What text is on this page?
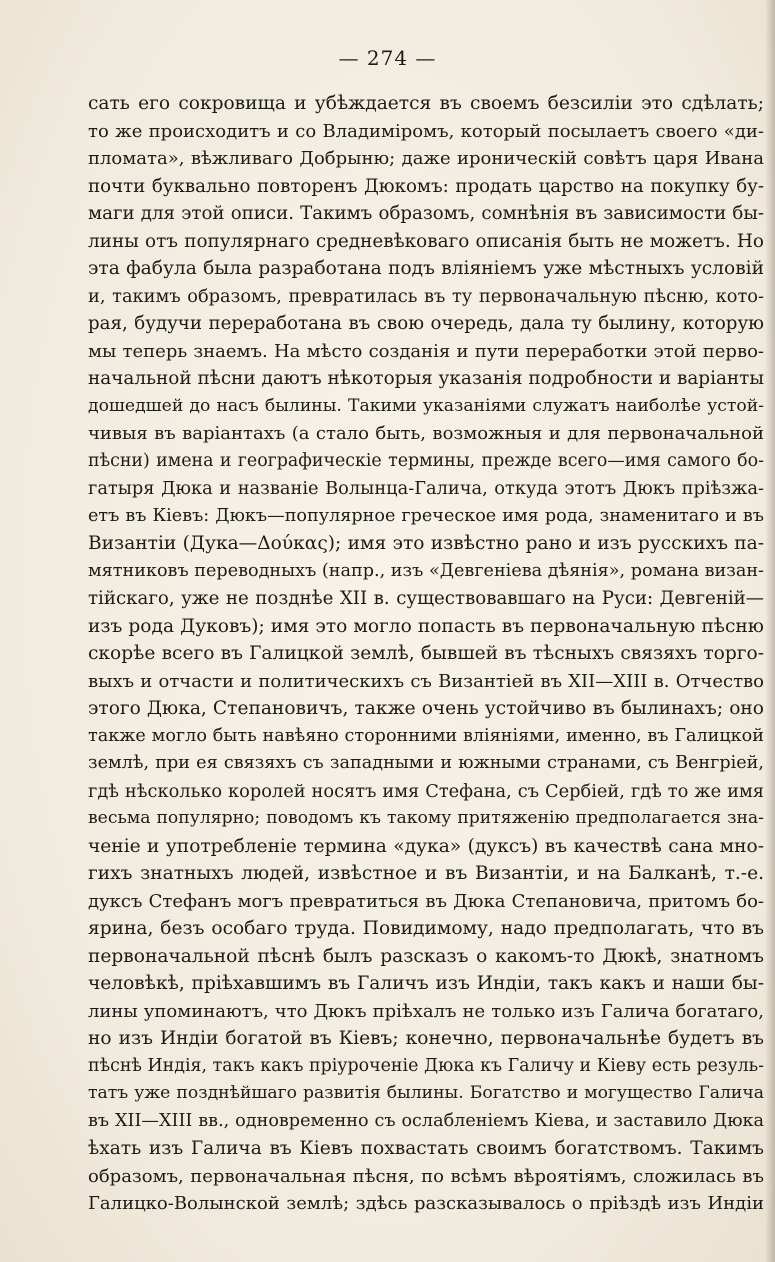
— 274 —
сать его сокровища и убѣждается въ своемъ безсиліи это сдѣлать;
то же происходитъ и со Владиміромъ, который посылаетъ своего «ди-
пломата», вѣжливаго Добрыню; даже ироническій совѣтъ царя Ивана
почти буквально повторенъ Дюкомъ: продать царство на покупку бу-
маги для этой описи. Такимъ образомъ, сомнѣнія въ зависимости бы-
лины отъ популярнаго средневѣковаго описанія быть не можетъ. Но
эта фабула была разработана подъ вліяніемъ уже мѣстныхъ условій
и, такимъ образомъ, превратилась въ ту первоначальную пѣсню, кото-
рая, будучи переработана въ свою очередь, дала ту былину, которую
мы теперь знаемъ. На мѣсто созданія и пути переработки этой перво-
начальной пѣсни даютъ нѣкоторыя указанія подробности и варіанты
дошедшей до насъ былины. Такими указаніями служатъ наиболѣе устой-
чивыя въ варіантахъ (а стало быть, возможныя и для первоначальной
пѣсни) имена и географическіе термины, прежде всего—имя самого бо-
гатыря Дюка и названіе Волынца-Галича, откуда этотъ Дюкъ пріѣзжа-
етъ въ Кіевъ: Дюкъ—популярное греческое имя рода, знаменитаго и въ
Византіи (Дука—Δούκας); имя это извѣстно рано и изъ русскихъ па-
мятниковъ переводныхъ (напр., изъ «Девгеніева дѣянія», романа визан-
тійскаго, уже не позднѣе XII в. существовавшаго на Руси: Девгеній—
изъ рода Дуковъ); имя это могло попасть въ первоначальную пѣсню
скорѣе всего въ Галицкой землѣ, бывшей въ тѣсныхъ связяхъ торго-
выхъ и отчасти и политическихъ съ Византіей въ XII—XIII в. Отчество
этого Дюка, Степановичъ, также очень устойчиво въ былинахъ; оно
также могло быть навѣяно сторонними вліяніями, именно, въ Галицкой
землѣ, при ея связяхъ съ западными и южными странами, съ Венгріей,
гдѣ нѣсколько королей носятъ имя Стефана, съ Сербіей, гдѣ то же имя
весьма популярно; поводомъ къ такому притяженію предполагается зна-
ченіе и употребленіе термина «дука» (дуксъ) въ качествѣ сана мно-
гихъ знатныхъ людей, извѣстное и въ Византіи, и на Балканѣ, т.-е.
дуксъ Стефанъ могъ превратиться въ Дюка Степановича, притомъ бо-
ярина, безъ особаго труда. Повидимому, надо предполагать, что въ
первоначальной пѣснѣ былъ разсказъ о какомъ-то Дюкѣ, знатномъ
человѣкѣ, пріѣхавшимъ въ Галичъ изъ Индіи, такъ какъ и наши бы-
лины упоминаютъ, что Дюкъ пріѣхалъ не только изъ Галича богатаго,
но изъ Индіи богатой въ Кіевъ; конечно, первоначальнѣе будетъ въ
пѣснѣ Индія, такъ какъ пріуроченіе Дюка къ Галичу и Кіеву есть резуль-
татъ уже позднѣйшаго развитія былины. Богатство и могущество Галича
въ XII—XIII вв., одновременно съ ослабленіемъ Кіева, и заставило Дюка
ѣхать изъ Галича въ Кіевъ похвастать своимъ богатствомъ. Такимъ
образомъ, первоначальная пѣсня, по всѣмъ вѣроятіямъ, сложилась въ
Галицко-Волынской землѣ; здѣсь разсказывалось о пріѣздѣ изъ Индіи
